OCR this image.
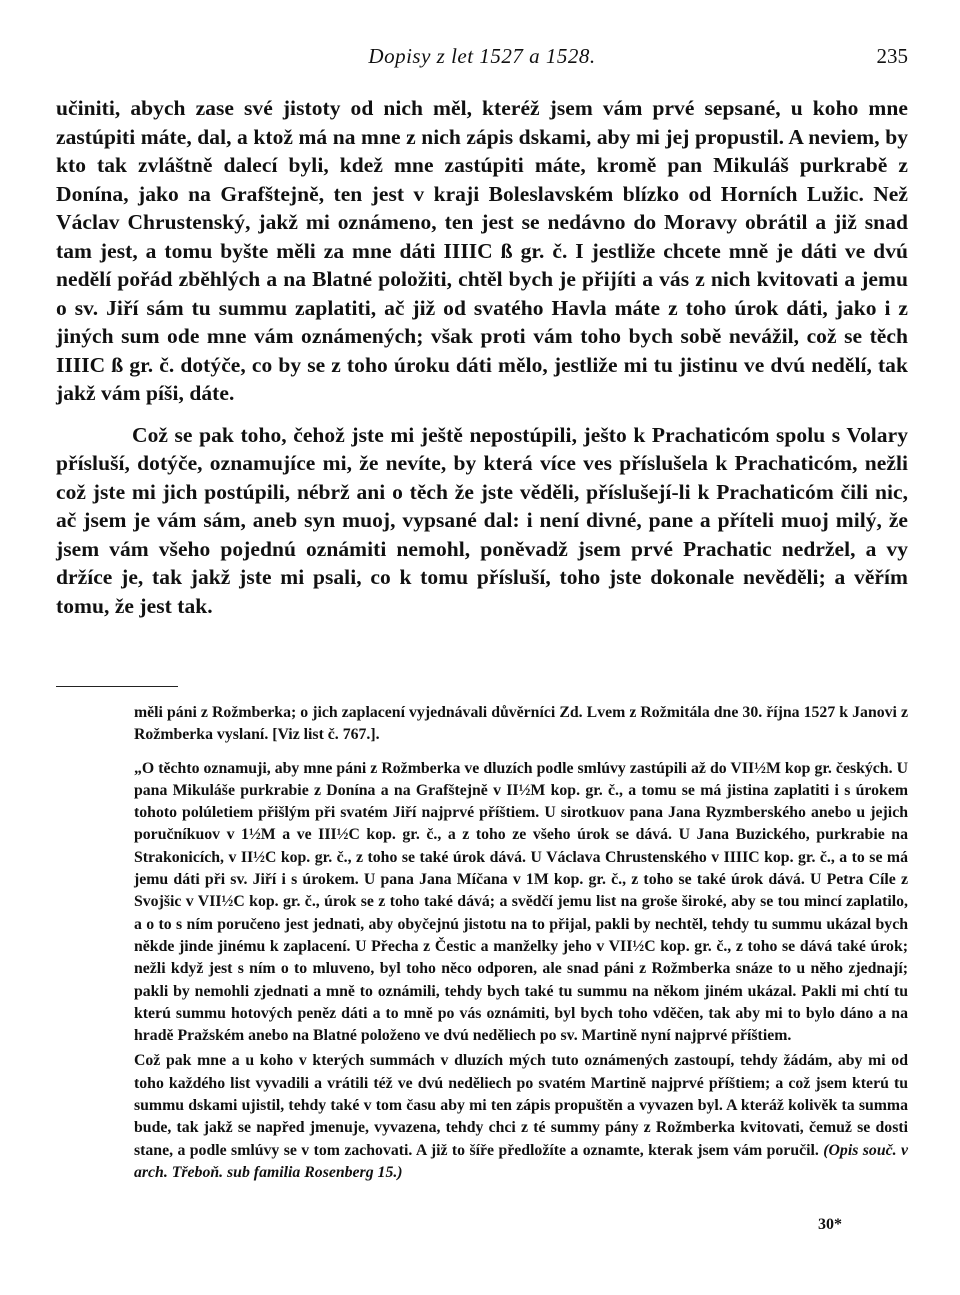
Dopisy z let 1527 a 1528.	235

učiniti, abych zase své jistoty od nich měl, kteréž jsem vám prvé sepsané, u koho mne zastúpiti máte, dal, a ktož má na mne z nich zápis dskami, aby mi jej propustil. A neviem, by kto tak zvláštně dalecí byli, kdež mne zastúpiti máte, kromě pan Mikuláš purkrabě z Donína, jako na Grafštejně, ten jest v kraji Boleslavském blízko od Horních Lužic. Než Václav Chrustenský, jakž mi oznámeno, ten jest se nedávno do Moravy obrátil a již snad tam jest, a tomu byšte měli za mne dáti IIIIC ß gr. č. I jestliže chcete mně je dáti ve dvú nedělí pořád zběhlých a na Blatné položiti, chtěl bych je přijíti a vás z nich kvitovati a jemu o sv. Jiří sám tu summu zaplatiti, ač již od svatého Havla máte z toho úrok dáti, jako i z jiných sum ode mne vám oznámených; však proti vám toho bych sobě nevážil, což se těch IIIIC ß gr. č. dotýče, co by se z toho úroku dáti mělo, jestliže mi tu jistinu ve dvú nedělí, tak jakž vám píši, dáte.

Což se pak toho, čehož jste mi ještě nepostúpili, ješto k Prachaticóm spolu s Volary přísluší, dotýče, oznamujíce mi, že nevíte, by která více ves příslušela k Prachaticóm, nežli což jste mi jich postúpili, nébrž ani o těch že jste věděli, příslušejí-li k Prachaticóm čili nic, ač jsem je vám sám, aneb syn muoj, vypsané dal: i není divné, pane a příteli muoj milý, že jsem vám všeho pojednú oznámiti nemohl, poněvadž jsem prvé Prachatic nedržel, a vy držíce je, tak jakž jste mi psali, co k tomu přísluší, toho jste dokonale nevěděli; a věřím tomu, že jest tak.

měli páni z Rožmberka; o jich zaplacení vyjednávali důvěrníci Zd. Lvem z Rožmitála dne 30. října 1527 k Janovi z Rožmberka vyslaní. [Viz list č. 767.].

„O těchto oznamuji, aby mne páni z Rožmberka ve dluzích podle smlúvy zastúpili až do VII½M kop gr. českých. U pana Mikuláše purkrabie z Donína a na Grafštejně v II½M kop. gr. č., a tomu se má jistina zaplatiti i s úrokem tohoto polúletiem přišlým při svatém Jiří najprvé příštiem. U sirotkuov pana Jana Ryzmberského anebo u jejich poručníkuov v 1½M a ve III½C kop. gr. č., a z toho ze všeho úrok se dává. U Jana Buzického, purkrabie na Strakonicích, v II½C kop. gr. č., z toho se také úrok dává. U Václava Chrustenského v IIIIC kop. gr. č., a to se má jemu dáti při sv. Jiří i s úrokem. U pana Jana Míčana v 1M kop. gr. č., z toho se také úrok dává. U Petra Cíle z Svojšic v VII½C kop. gr. č., úrok se z toho také dává; a svědčí jemu list na groše široké, aby se tou mincí zaplatilo, a o to s ním poručeno jest jednati, aby obyčejnú jistotu na to přijal, pakli by nechtěl, tehdy tu summu ukázal bych někde jinde jinému k zaplacení. U Přecha z Čestic a manželky jeho v VII½C kop. gr. č., z toho se dává také úrok; nežli když jest s ním o to mluveno, byl toho něco odporen, ale snad páni z Rožmberka snáze to u něho zjednají; pakli by nemohli zjednati a mně to oznámili, tehdy bych také tu summu na někom jiném ukázal. Pakli mi chtí tu kterú summu hotových peněz dáti a to mně po vás oznámiti, byl bych toho vděčen, tak aby mi to bylo dáno a na hradě Pražském anebo na Blatné položeno ve dvú neděliech po sv. Martině nyní najprvé příštiem.

Což pak mne a u koho v kterých summách v dluzích mých tuto oznámených zastoupí, tehdy žádám, aby mi od toho každého list vyvadili a vrátili též ve dvú neděliech po svatém Martině najprvé příštiem; a což jsem kterú tu summu dskami ujistil, tehdy také v tom času aby mi ten zápis propuštěn a vyvazen byl. A kteráž kolivěk ta summa bude, tak jakž se napřed jmenuje, vyvazena, tehdy chci z té summy pány z Rožmberka kvitovati, čemuž se dosti stane, a podle smlúvy se v tom zachovati. A již to šíře předložíte a oznamte, kterak jsem vám poručil. (Opis souč. v arch. Třeboň. sub familia Rosenberg 15.)

30*
